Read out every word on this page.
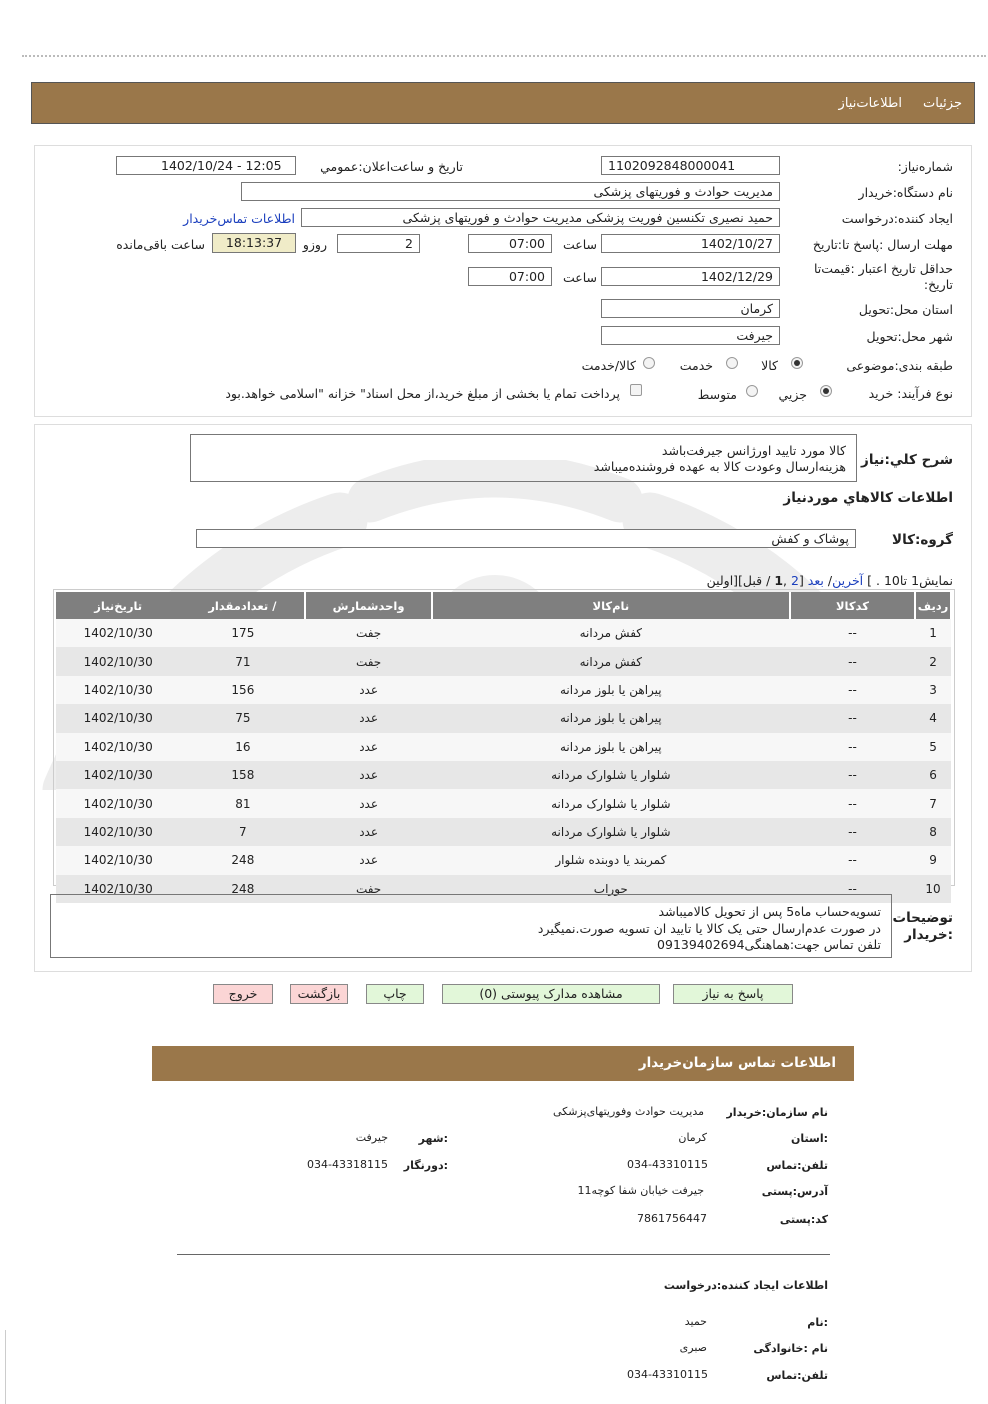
جزئیات
اطلاعات‌نیاز
شماره‌نیاز:
1102092848000041
تاریخ و ساعت‌اعلان:عمومي
1402/10/24 - 12:05
نام دستگاه:خریدار
مدیریت حوادث و فوریتهای پزشکی
ایجاد کننده:درخواست
حمید نصیری تکنسین فوریت پزشکی مدیریت حوادث و فوریتهای پزشکی
اطلاعات تماس‌خریدار
مهلت ارسال :پاسخ تا:تاریخ
1402/10/27
ساعت
07:00
2
روزو
18:13:37
ساعت باقی‌مانده
حداقل تاریخ اعتبار :قیمت‌تا تاریخ:
1402/12/29
ساعت
07:00
استان محل:تحویل
کرمان
شهر محل:تحویل
جیرفت
طبقه بندی:موضوعی
کالا
خدمت
کالا/خدمت
نوع فرآیند: خرید
جزیي
متوسط
پرداخت تمام یا بخشی از مبلغ خرید،از محل اسناد" خزانه "اسلامی خواهد.بود
شرح کلي:نیاز
کالا مورد تایید اورژانس جیرفت‌باشد
هزینه‌ارسال وعودت کالا به عهده فروشنده‌میباشد
اطلاعات کالاهاي مورد‌نیاز
گروه:کالا
پوشاک و کفش
نمایش1 تا10 . ] آخرین/ بعد [2 ,1 / قبل][اولین
ردیف	کدکالا	نام‌کالا	واحدشمارش	/ تعدادمقدار	تاریخ‌نیاز
1	--	کفش مردانه	جفت	175	1402/10/30
2	--	کفش مردانه	جفت	71	1402/10/30
3	--	پیراهن یا بلوز مردانه	عدد	156	1402/10/30
4	--	پیراهن یا بلوز مردانه	عدد	75	1402/10/30
5	--	پیراهن یا بلوز مردانه	عدد	16	1402/10/30
6	--	شلوار یا شلوارک مردانه	عدد	158	1402/10/30
7	--	شلوار یا شلوارک مردانه	عدد	81	1402/10/30
8	--	شلوار یا شلوارک مردانه	عدد	7	1402/10/30
9	--	کمربند یا دوبنده شلوار	عدد	248	1402/10/30
10	--	جوراب	جفت	248	1402/10/30
توضیحات :خریدار
تسویه‌حساب ماه5 پس از تحویل کالامیباشد
در صورت عدم‌ارسال حتی یک کالا یا تایید ان تسویه صورت.نمیگیرد
تلفن تماس جهت:هماهنگی09139402694
پاسخ به نیاز
مشاهده مدارک پیوستی (0)
چاپ
بازگشت
خروج
اطلاعات تماس سازمان‌خریدار
نام سازمان:خریدار
مدیریت حوادث وفوریتهای‌پزشکی
:استان
کرمان
:شهر
جیرفت
تلفن:تماس
034-43310115
:دورنگار
034-43318115
آدرس:پستی
جیرفت خیابان شفا کوچه11
کد:پستی
7861756447
اطلاعات ایجاد کننده:درخواست
:نام
حمید
نام :خانوادگی
صبری
تلفن:تماس
034-43310115
